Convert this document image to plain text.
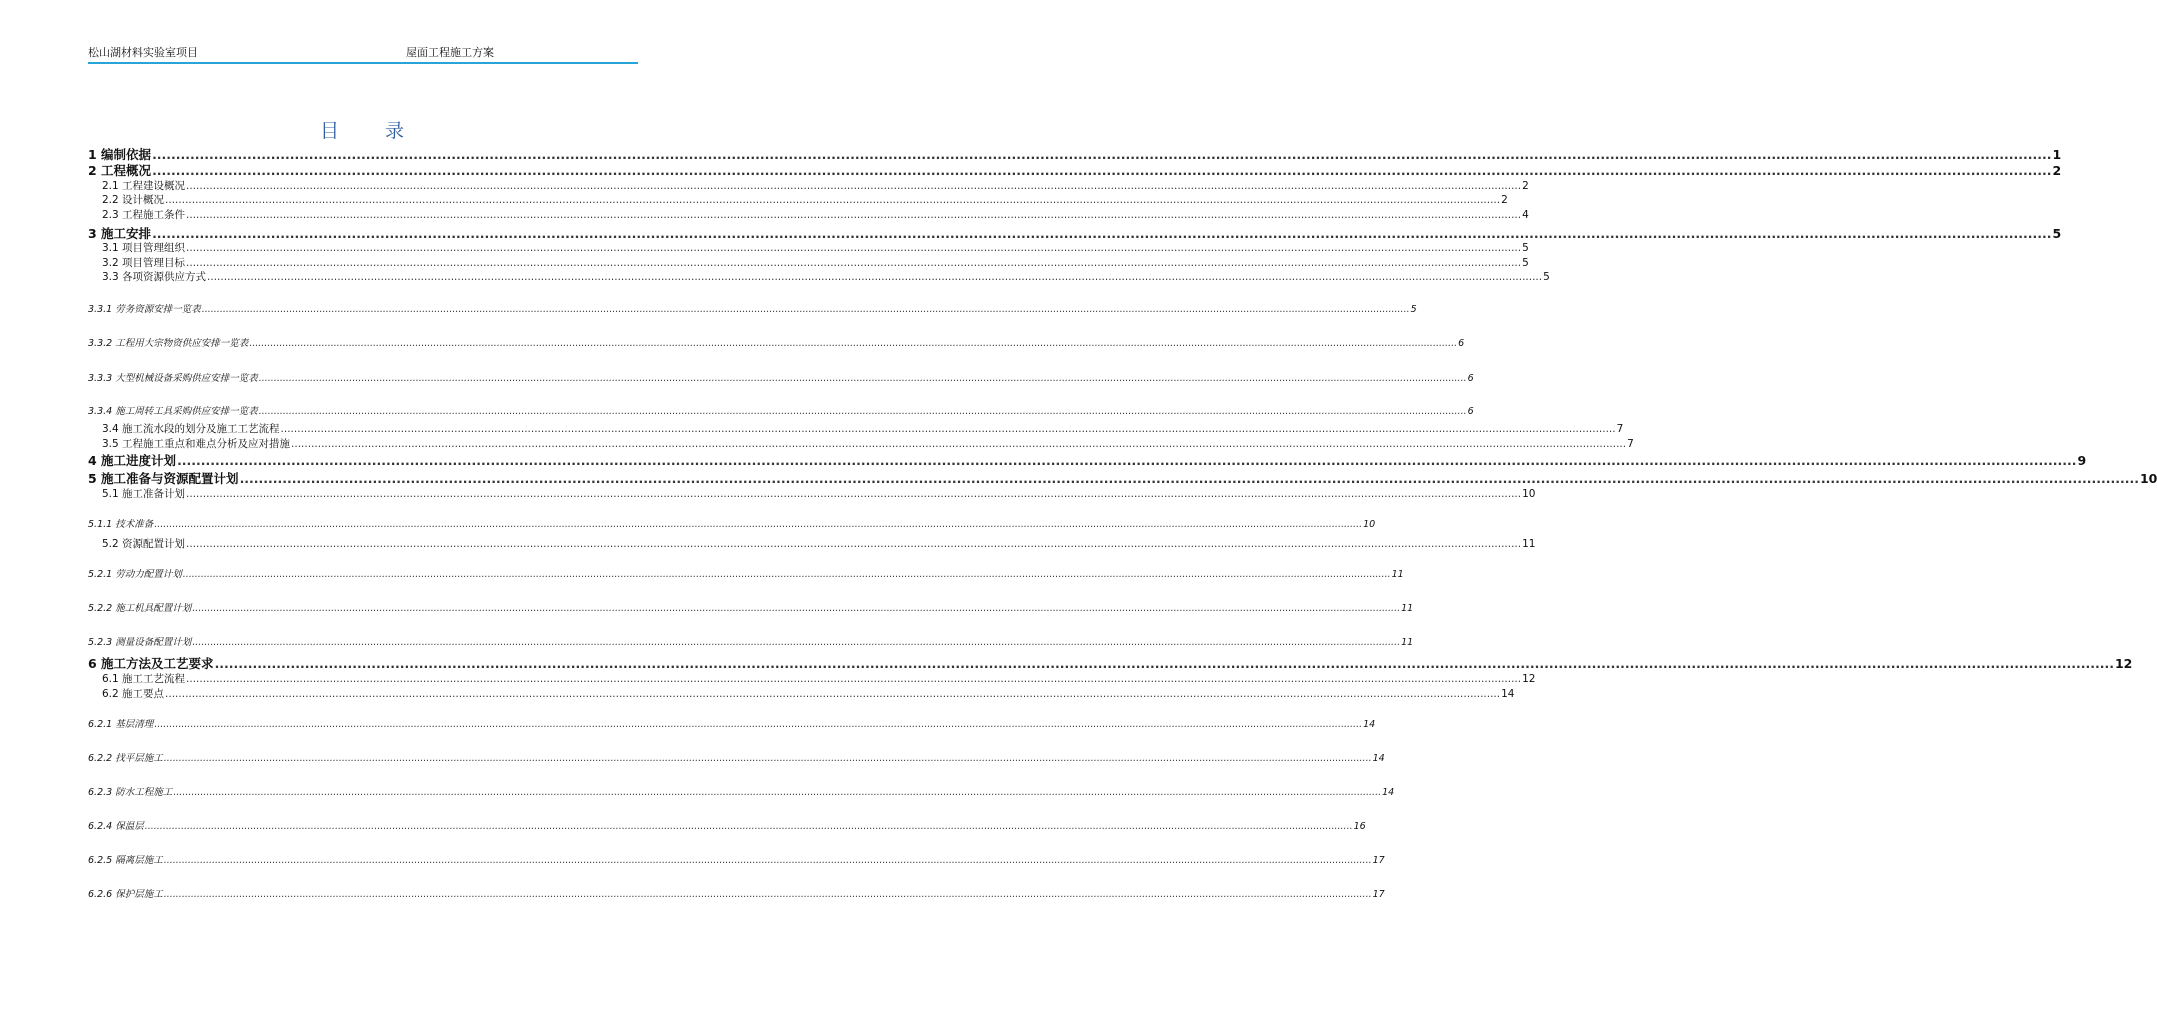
松山湖材料实验室项目	屋面工程施工方案
目 录
1 编制依据 ................................................................................................................................................................................................................................................................................................................................................................................................................ 1
2 工程概况 ................................................................................................................................................................................................................................................................................................................................................................................................................ 2
2.1 工程建设概况 ................................................................................................................................................................................................................................................................................................................................................................................................................ 2
2.2 设计概况 ................................................................................................................................................................................................................................................................................................................................................................................................................ 2
2.3 工程施工条件 ................................................................................................................................................................................................................................................................................................................................................................................................................ 4
3 施工安排 ................................................................................................................................................................................................................................................................................................................................................................................................................ 5
3.1 项目管理组织 ................................................................................................................................................................................................................................................................................................................................................................................................................ 5
3.2 项目管理目标 ................................................................................................................................................................................................................................................................................................................................................................................................................ 5
3.3 各项资源供应方式 ................................................................................................................................................................................................................................................................................................................................................................................................................ 5
3.3.1 劳务资源安排一览表 ................................................................................................................................................................................................................................................................................................................................................................................................................ 5
3.3.2 工程用大宗物资供应安排一览表 ................................................................................................................................................................................................................................................................................................................................................................................................................ 6
3.3.3 大型机械设备采购供应安排一览表 ................................................................................................................................................................................................................................................................................................................................................................................................................ 6
3.3.4 施工周转工具采购供应安排一览表 ................................................................................................................................................................................................................................................................................................................................................................................................................ 6
3.4 施工流水段的划分及施工工艺流程 ................................................................................................................................................................................................................................................................................................................................................................................................................ 7
3.5 工程施工重点和难点分析及应对措施 ................................................................................................................................................................................................................................................................................................................................................................................................................ 7
4 施工进度计划 ................................................................................................................................................................................................................................................................................................................................................................................................................ 9
5 施工准备与资源配置计划 ................................................................................................................................................................................................................................................................................................................................................................................................................ 10
5.1 施工准备计划 ................................................................................................................................................................................................................................................................................................................................................................................................................ 10
5.1.1 技术准备 ................................................................................................................................................................................................................................................................................................................................................................................................................ 10
5.2 资源配置计划 ................................................................................................................................................................................................................................................................................................................................................................................................................ 11
5.2.1 劳动力配置计划 ................................................................................................................................................................................................................................................................................................................................................................................................................ 11
5.2.2 施工机具配置计划 ................................................................................................................................................................................................................................................................................................................................................................................................................ 11
5.2.3 测量设备配置计划 ................................................................................................................................................................................................................................................................................................................................................................................................................ 11
6 施工方法及工艺要求 ................................................................................................................................................................................................................................................................................................................................................................................................................ 12
6.1 施工工艺流程 ................................................................................................................................................................................................................................................................................................................................................................................................................ 12
6.2 施工要点 ................................................................................................................................................................................................................................................................................................................................................................................................................ 14
6.2.1 基层清理 ................................................................................................................................................................................................................................................................................................................................................................................................................ 14
6.2.2 找平层施工 ................................................................................................................................................................................................................................................................................................................................................................................................................ 14
6.2.3 防水工程施工 ................................................................................................................................................................................................................................................................................................................................................................................................................ 14
6.2.4 保温层 ................................................................................................................................................................................................................................................................................................................................................................................................................ 16
6.2.5 隔离层施工 ................................................................................................................................................................................................................................................................................................................................................................................................................ 17
6.2.6 保护层施工 ................................................................................................................................................................................................................................................................................................................................................................................................................ 17
